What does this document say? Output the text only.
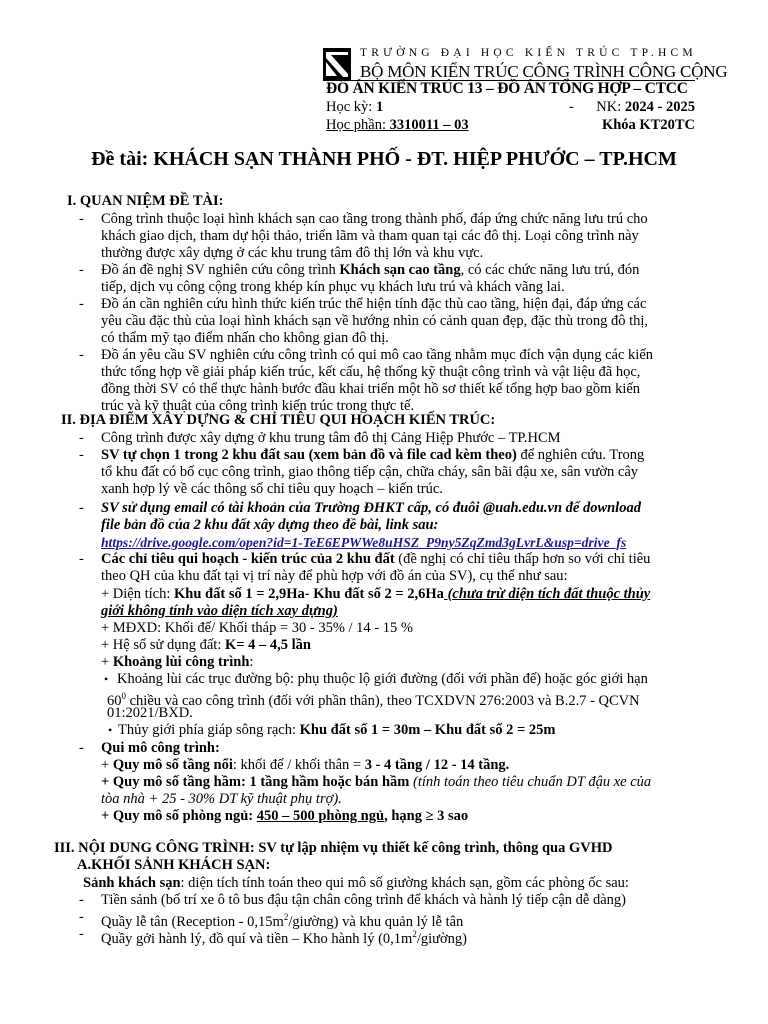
TRƯỜNG ĐẠI HỌC KIẾN TRÚC TP.HCM
BỘ MÔN KIẾN TRÚC CÔNG TRÌNH CÔNG CỘNG
ĐỒ ÁN KIẾN TRÚC 13 – ĐỒ ÁN TỔNG HỢP – CTCC
Học kỳ: 1	- NK: 2024 - 2025
Học phần: 3310011 – 03	Khóa KT20TC
Đề tài: KHÁCH SẠN THÀNH PHỐ - ĐT. HIỆP PHƯỚC – TP.HCM
I. QUAN NIỆM ĐỀ TÀI:
- Công trình thuộc loại hình khách sạn cao tầng trong thành phố, đáp ứng chức năng lưu trú cho
khách giao dịch, tham dự hội thảo, triển lãm và tham quan tại các đô thị. Loại công trình này
thường được xây dựng ở các khu trung tâm đô thị lớn và khu vực.
- Đồ án đề nghị SV nghiên cứu công trình Khách sạn cao tầng, có các chức năng lưu trú, đón
tiếp, dịch vụ công cộng trong khép kín phục vụ khách lưu trú và khách vãng lai.
- Đồ án cần nghiên cứu hình thức kiến trúc thể hiện tính đặc thù cao tầng, hiện đại, đáp ứng các
yêu cầu đặc thù của loại hình khách sạn về hướng nhìn có cảnh quan đẹp, đặc thù trong đô thị,
có thẩm mỹ tạo điểm nhấn cho không gian đô thị.
- Đồ án yêu cầu SV nghiên cứu công trình có qui mô cao tầng nhằm mục đích vận dụng các kiến
thức tổng hợp về giải pháp kiến trúc, kết cấu, hệ thống kỹ thuật công trình và vật liệu đã học,
đồng thời SV có thể thực hành bước đầu khai triển một hồ sơ thiết kế tổng hợp bao gồm kiến
trúc và kỹ thuật của công trình kiến trúc trong thực tế.
II. ĐỊA ĐIỂM XÂY DỰNG & CHỈ TIÊU QUI HOẠCH KIẾN TRÚC:
- Công trình được xây dựng ở khu trung tâm đô thị Cảng Hiệp Phước – TP.HCM
- SV tự chọn 1 trong 2 khu đất sau (xem bản đồ và file cad kèm theo) để nghiên cứu. Trong
tổ khu đất có bố cục công trình, giao thông tiếp cận, chữa cháy, sân bãi đậu xe, sân vườn cây
xanh hợp lý về các thông số chỉ tiêu quy hoạch – kiến trúc.
- SV sử dụng email có tài khoản của Trường ĐHKT cấp, có đuôi @uah.edu.vn để download
file bản đồ của 2 khu đất xây dựng theo đề bài, link sau:
https://drive.google.com/open?id=1-TeE6EPWWe8uHSZ_P9ny5ZqZmd3gLvrL&usp=drive_fs
- Các chỉ tiêu qui hoạch - kiến trúc của 2 khu đất (đề nghị có chỉ tiêu thấp hơn so với chỉ tiêu
theo QH của khu đất tại vị trí này để phù hợp với đồ án của SV), cụ thể như sau:
+ Diện tích: Khu đất số 1 = 2,9Ha- Khu đất số 2 = 2,6Ha (chưa trừ diện tích đất thuộc thủy
giới không tính vào diện tích xay dựng)
+ MĐXD: Khối đế/ Khối tháp = 30 - 35% / 14 - 15 %
+ Hệ số sử dụng đất: K= 4 – 4,5 lần
+ Khoảng lùi công trình:
• Khoảng lùi các trục đường bộ: phụ thuộc lộ giới đường (đối với phần đế) hoặc góc giới hạn
$60^0$ chiều và cao công trình (đối với phần thân), theo TCXDVN 276:2003 và B.2.7 - QCVN
01:2021/BXD.
• Thủy giới phía giáp sông rạch: Khu đất số 1 = 30m – Khu đất số 2 = 25m
- Qui mô công trình:
+ Quy mô số tầng nổi: khối đế / khối thân = 3 - 4 tầng / 12 - 14 tầng.
+ Quy mô số tầng hầm: 1 tầng hầm hoặc bán hầm (tính toán theo tiêu chuẩn DT đậu xe của
tòa nhà + 25 - 30% DT kỹ thuật phụ trợ).
+ Quy mô số phòng ngủ: 450 – 500 phòng ngủ, hạng ≥ 3 sao
III. NỘI DUNG CÔNG TRÌNH: SV tự lập nhiệm vụ thiết kế công trình, thông qua GVHD
A.KHỐI SẢNH KHÁCH SẠN:
Sảnh khách sạn: diện tích tính toán theo qui mô số giường khách sạn, gồm các phòng ốc sau:
- Tiền sảnh (bố trí xe ô tô bus đậu tận chân công trình để khách và hành lý tiếp cận dễ dàng)
- Quầy lễ tân (Reception - $0,15m^2/giường$) và khu quản lý lễ tân
- Quầy gởi hành lý, đồ quí và tiền – Kho hành lý $(0,1m^2/giường)$
